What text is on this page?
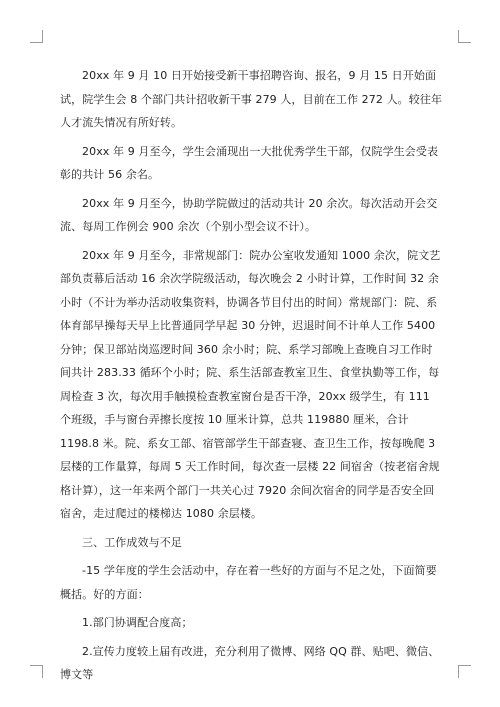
20xx 年 9 月 10 日开始接受新干事招聘咨询、报名，9 月 15 日开始面试，院学生会 8 个部门共计招收新干事 279 人，目前在工作 272 人。较往年人才流失情况有所好转。

20xx 年 9 月至今，学生会涌现出一大批优秀学生干部，仅院学生会受表彰的共计 56 余名。

20xx 年 9 月至今，协助学院做过的活动共计 20 余次。每次活动开会交流、每周工作例会 900 余次（个别小型会议不计）。

20xx 年 9 月至今，非常规部门：院办公室收发通知 1000 余次，院文艺部负责幕后活动 16 余次学院级活动，每次晚会 2 小时计算，工作时间 32 余小时（不计为举办活动收集资料，协调各节目付出的时间）常规部门：院、系体育部早操每天早上比普通同学早起 30 分钟，迟退时间不计单人工作 5400 分钟；保卫部站岗巡逻时间 360 余小时；院、系学习部晚上查晚自习工作时间共计 283.33 循环个小时；院、系生活部查教室卫生、食堂执勤等工作，每周检查 3 次，每次用手触摸检查教室窗台是否干净，20xx 级学生，有 111 个班级，手与窗台弄擦长度按 10 厘米计算，总共 119880 厘米，合计 1198.8 米。院、系女工部、宿管部学生干部查寝、查卫生工作，按每晚爬 3 层楼的工作量算，每周 5 天工作时间，每次查一层楼 22 间宿舍（按老宿舍规格计算），这一年来两个部门一共关心过 7920 余间次宿舍的同学是否安全回宿舍，走过爬过的楼梯达 1080 余层楼。

三、工作成效与不足

-15 学年度的学生会活动中，存在着一些好的方面与不足之处，下面简要概括。好的方面：

1.部门协调配合度高；

2.宣传力度较上届有改进，充分利用了微博、网络 QQ 群、贴吧、微信、博文等
